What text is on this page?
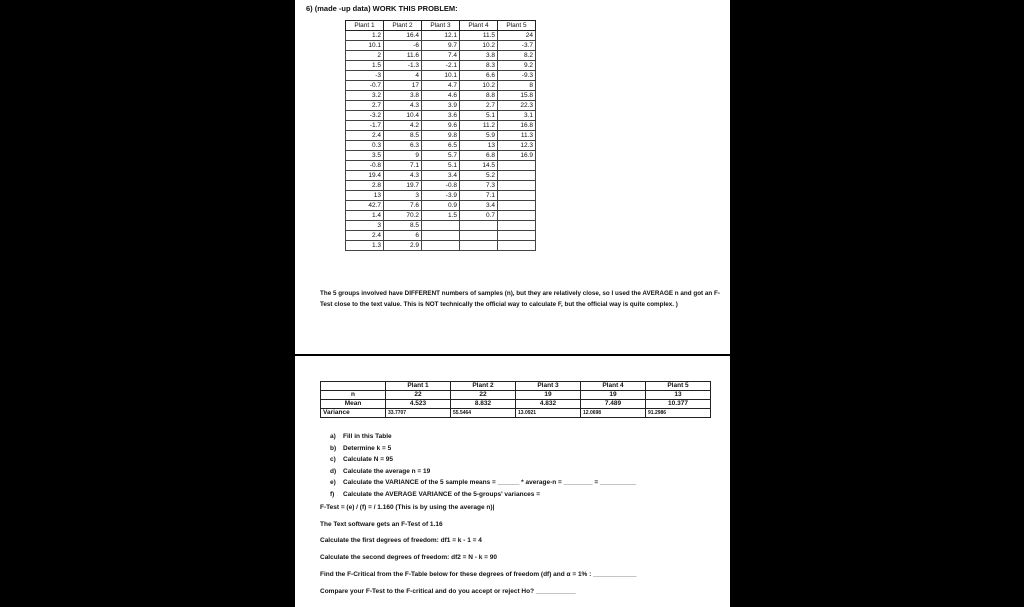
6) (made -up data) WORK THIS PROBLEM:
Plant 1	Plant 2	Plant 3	Plant 4	Plant 5
1.2	16.4	12.1	11.5	24
10.1	-6	9.7	10.2	-3.7
2	11.6	7.4	3.8	8.2
1.5	-1.3	-2.1	8.3	9.2
-3	4	10.1	6.6	-9.3
-0.7	17	4.7	10.2	8
3.2	3.8	4.6	8.8	15.8
2.7	4.3	3.9	2.7	22.3
-3.2	10.4	3.6	5.1	3.1
-1.7	4.2	9.6	11.2	16.8
2.4	8.5	9.8	5.9	11.3
0.3	6.3	6.5	13	12.3
3.5	9	5.7	6.8	16.9
-0.8	7.1	5.1	14.5	
19.4	4.3	3.4	5.2	
2.8	19.7	-0.8	7.3	
13	3	-3.9	7.1	
42.7	7.6	0.9	3.4	
1.4	70.2	1.5	0.7	
3	8.5			
2.4	6			
1.3	2.9			
The 5 groups involved have DIFFERENT numbers of samples (n), but they are relatively close, so I used the AVERAGE n and got an F-Test close to the text value. This is NOT technically the official way to calculate F, but the official way is quite complex. )
	Plant 1	Plant 2	Plant 3	Plant 4	Plant 5
n	22	22	19	19	13
Mean	4.523	8.832	4.832	7.489	10.377
Variance	33.7707	55.5464	13.0921	12.0698	91.2986
a) Fill in this Table
b) Determine k = 5
c) Calculate N = 95
d) Calculate the average n = 19
e) Calculate the VARIANCE of the 5 sample means = ______ * average-n = ________ = __________
f) Calculate the AVERAGE VARIANCE of the 5-groups' variances =
F-Test = (e) / (f) = / 1.160 (This is by using the average n)|
The Text software gets an F-Test of 1.16
Calculate the first degrees of freedom: df1 = k - 1 = 4
Calculate the second degrees of freedom: df2 = N - k = 90
Find the F-Critical from the F-Table below for these degrees of freedom (df) and α = 1% : ____________
Compare your F-Test to the F-critical and do you accept or reject Ho? ___________
